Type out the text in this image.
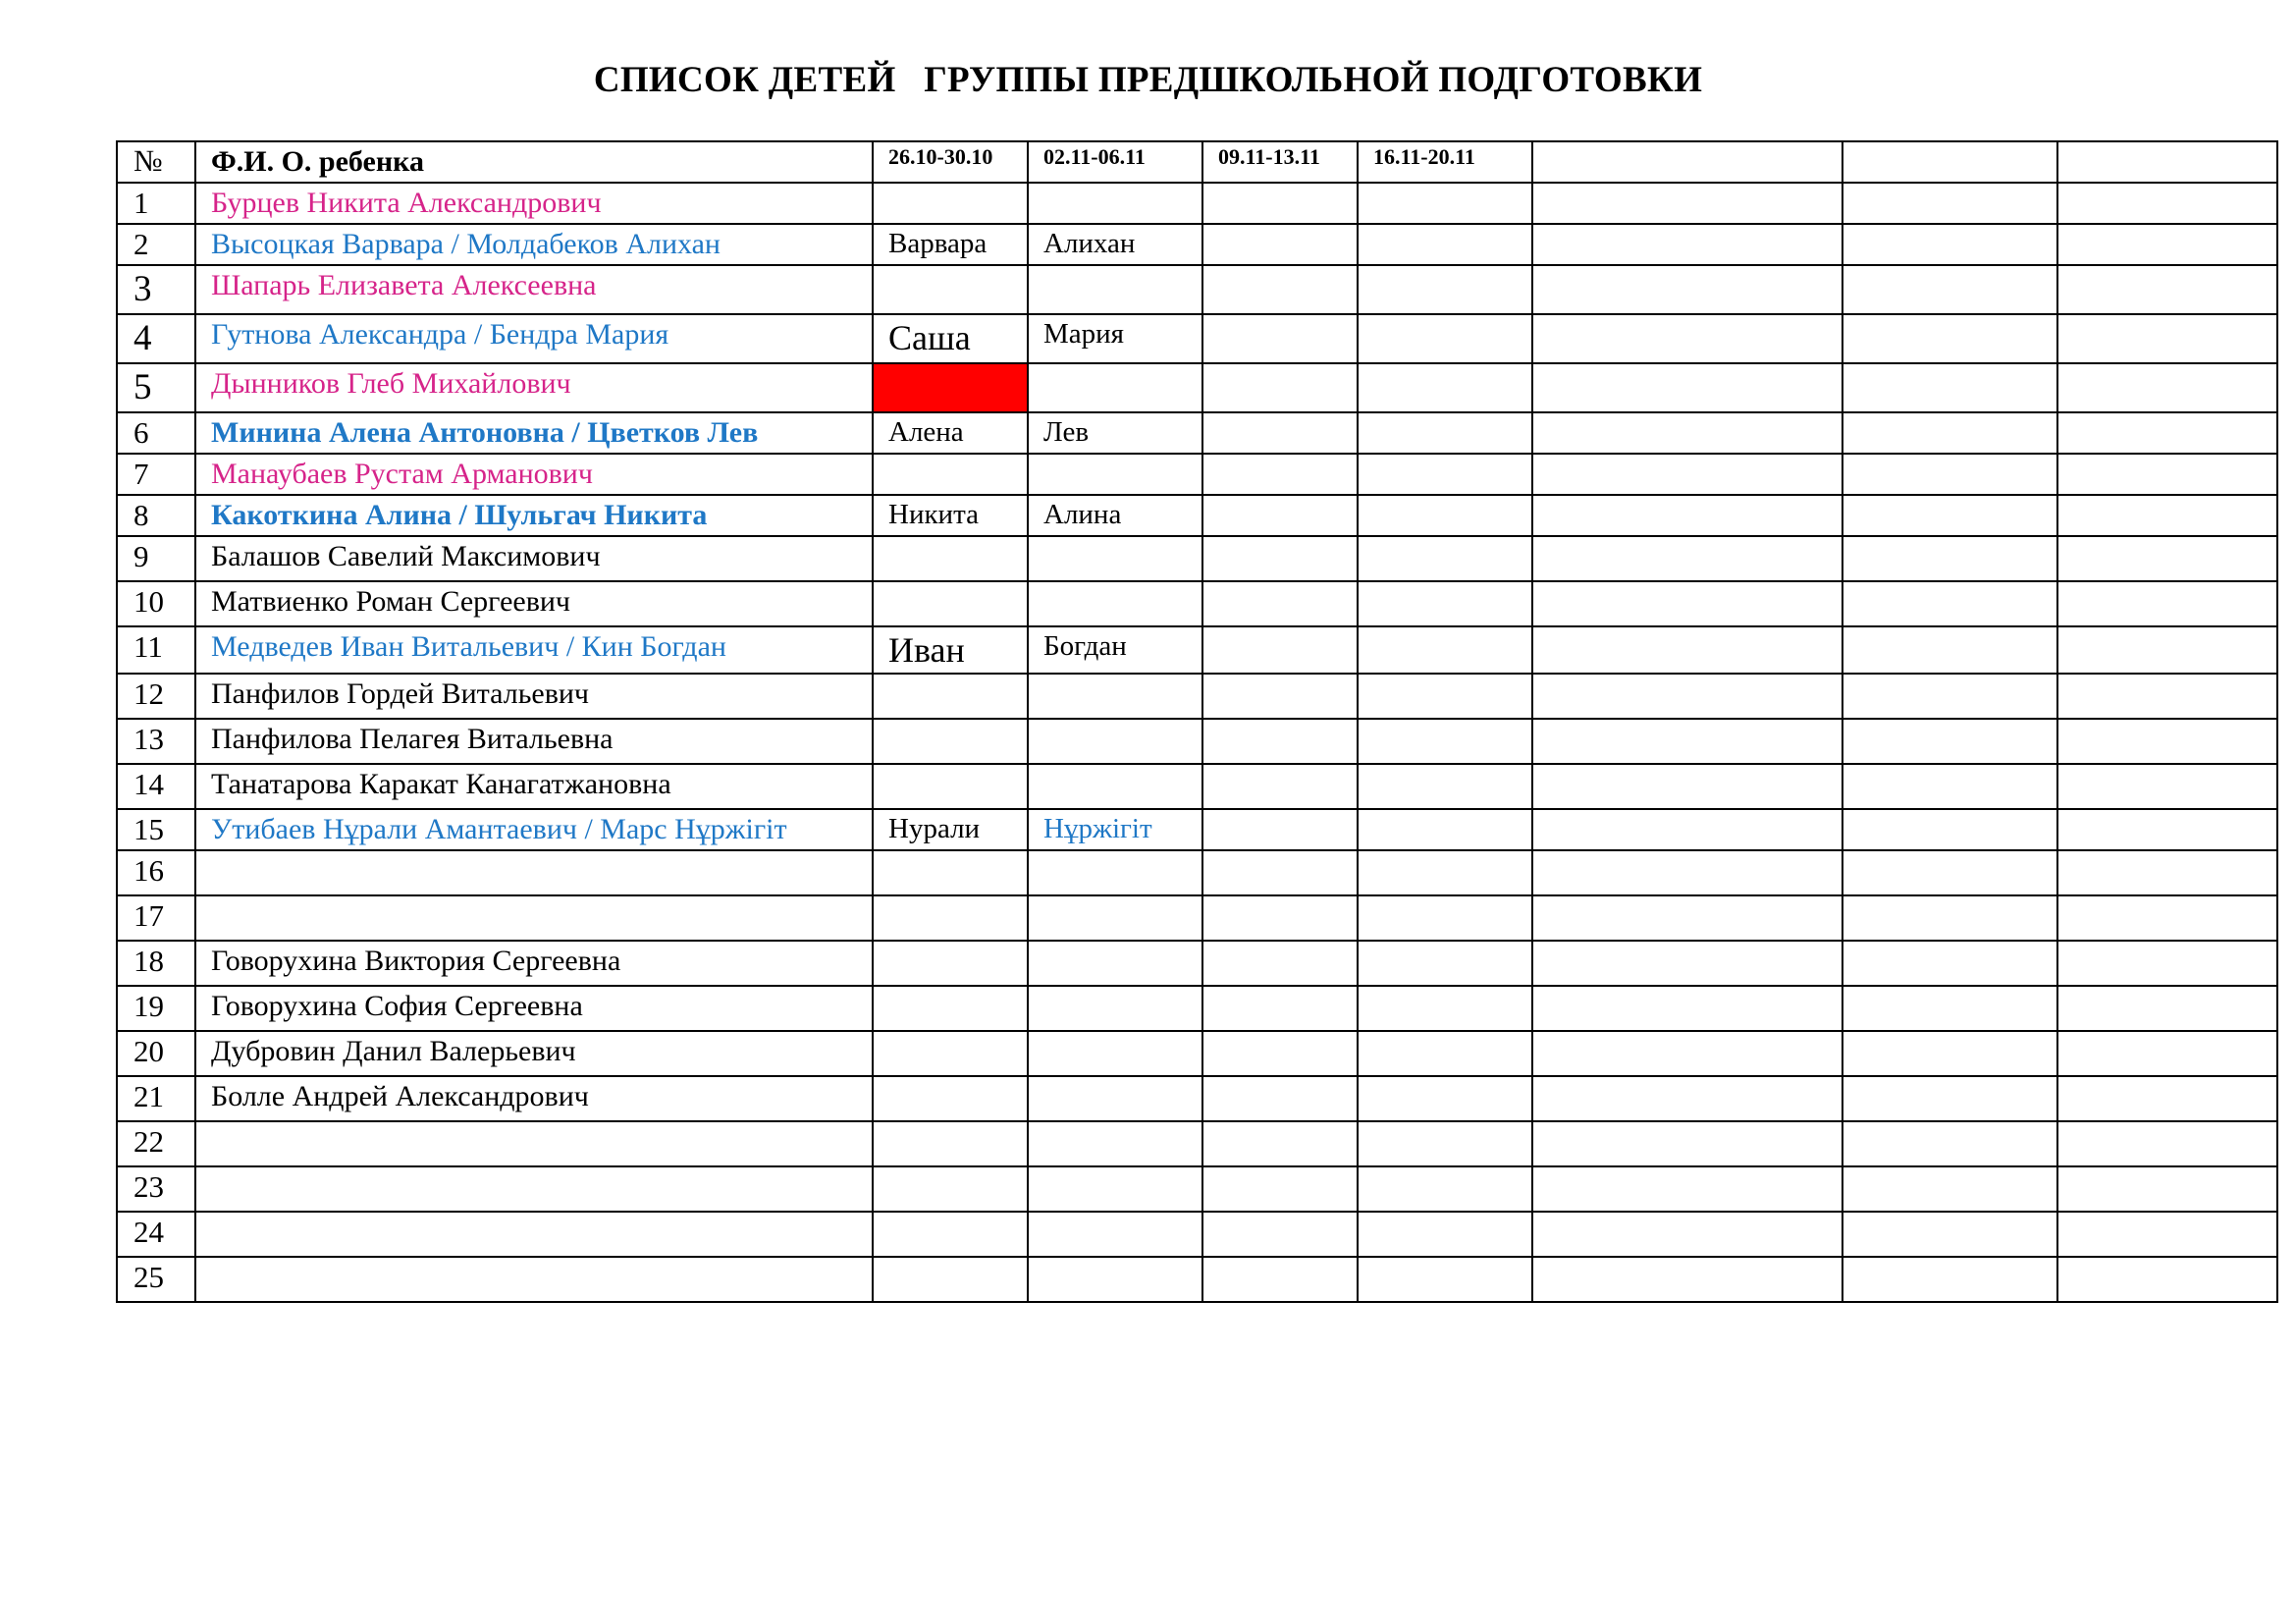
СПИСОК ДЕТЕЙ   ГРУППЫ ПРЕДШКОЛЬНОЙ ПОДГОТОВКИ
№	Ф.И. О. ребенка	26.10-30.10	02.11-06.11	09.11-13.11	16.11-20.11			
1	Бурцев Никита Александрович							
2	Высоцкая Варвара / Молдабеков Алихан	Варвара	Алихан					
3	Шапарь Елизавета Алексеевна							
4	Гутнова Александра / Бендра Мария	Саша	Мария					
5	Дынников Глеб Михайлович							
6	Минина Алена Антоновна / Цветков Лев	Алена	Лев					
7	Манаубаев Рустам Арманович							
8	Какоткина Алина / Шульгач Никита	Никита	Алина					
9	Балашов Савелий Максимович							
10	Матвиенко Роман Сергеевич							
11	Медведев Иван Витальевич / Кин Богдан	Иван	Богдан					
12	Панфилов Гордей Витальевич							
13	Панфилова Пелагея Витальевна							
14	Танатарова Каракат Канагатжановна							
15	Утибаев Нұрали Амантаевич / Марс Нұржігіт	Нурали	Нұржігіт					
16								
17								
18	Говорухина Виктория Сергеевна							
19	Говорухина София Сергеевна							
20	Дубровин Данил Валерьевич							
21	Болле Андрей Александрович							
22								
23								
24								
25								
